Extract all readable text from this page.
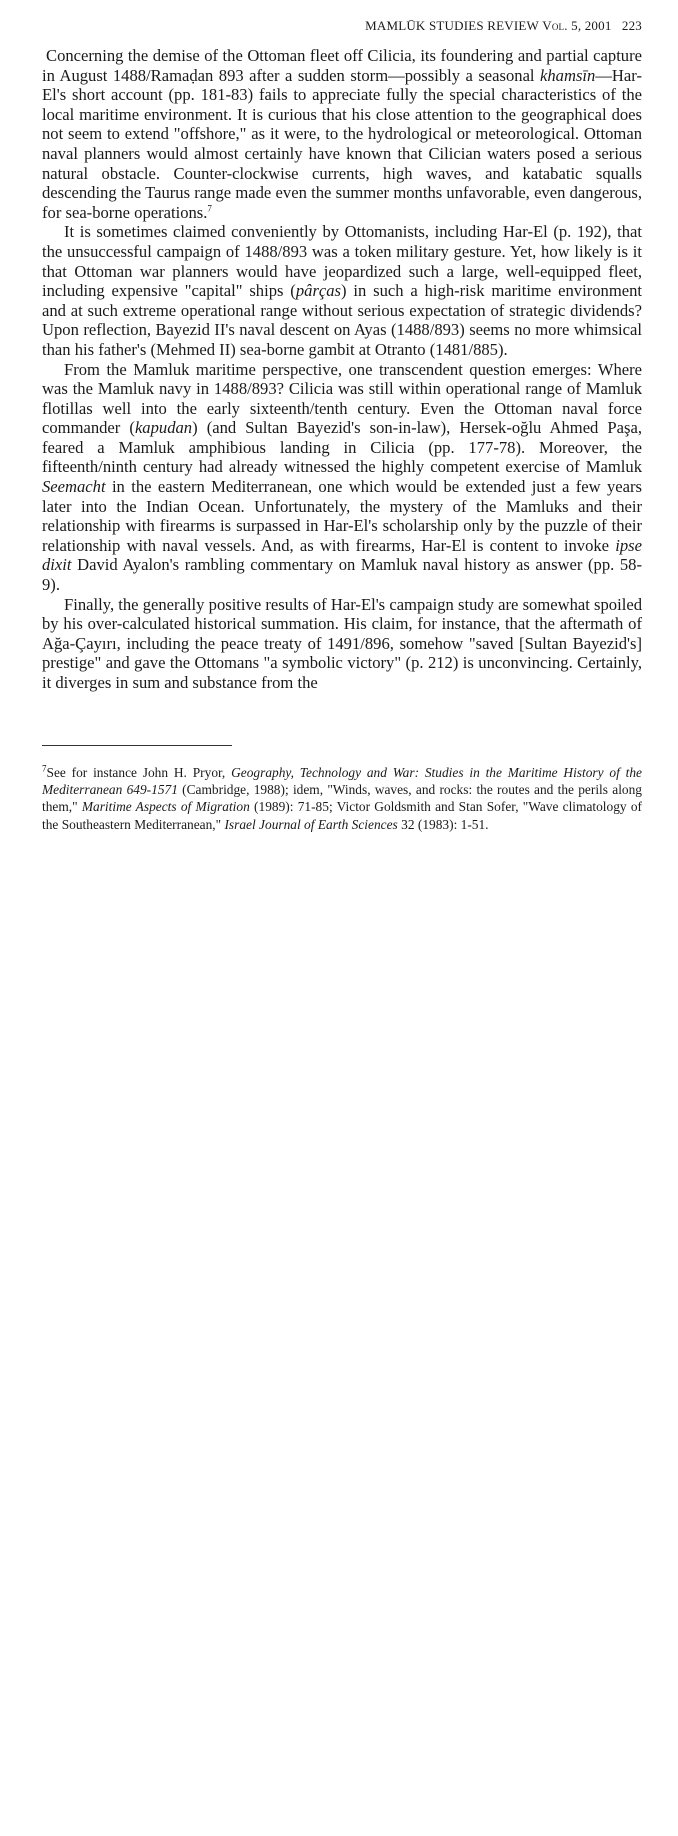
MAMLŪK STUDIES REVIEW Vol. 5, 2001 223

Concerning the demise of the Ottoman fleet off Cilicia, its foundering and partial capture in August 1488/Ramaḍan 893 after a sudden storm—possibly a seasonal khamsīn—Har-El's short account (pp. 181-83) fails to appreciate fully the special characteristics of the local maritime environment. It is curious that his close attention to the geographical does not seem to extend "offshore," as it were, to the hydrological or meteorological. Ottoman naval planners would almost certainly have known that Cilician waters posed a serious natural obstacle. Counter-clockwise currents, high waves, and katabatic squalls descending the Taurus range made even the summer months unfavorable, even dangerous, for sea-borne operations.$^7$

It is sometimes claimed conveniently by Ottomanists, including Har-El (p. 192), that the unsuccessful campaign of 1488/893 was a token military gesture. Yet, how likely is it that Ottoman war planners would have jeopardized such a large, well-equipped fleet, including expensive "capital" ships (pârças) in such a high-risk maritime environment and at such extreme operational range without serious expectation of strategic dividends? Upon reflection, Bayezid II's naval descent on Ayas (1488/893) seems no more whimsical than his father's (Mehmed II) sea-borne gambit at Otranto (1481/885).

From the Mamluk maritime perspective, one transcendent question emerges: Where was the Mamluk navy in 1488/893? Cilicia was still within operational range of Mamluk flotillas well into the early sixteenth/tenth century. Even the Ottoman naval force commander (kapudan) (and Sultan Bayezid's son-in-law), Hersek-oğlu Ahmed Paşa, feared a Mamluk amphibious landing in Cilicia (pp. 177-78). Moreover, the fifteenth/ninth century had already witnessed the highly competent exercise of Mamluk Seemacht in the eastern Mediterranean, one which would be extended just a few years later into the Indian Ocean. Unfortunately, the mystery of the Mamluks and their relationship with firearms is surpassed in Har-El's scholarship only by the puzzle of their relationship with naval vessels. And, as with firearms, Har-El is content to invoke ipse dixit David Ayalon's rambling commentary on Mamluk naval history as answer (pp. 58-9).

Finally, the generally positive results of Har-El's campaign study are somewhat spoiled by his over-calculated historical summation. His claim, for instance, that the aftermath of Ağa-Çayırı, including the peace treaty of 1491/896, somehow "saved [Sultan Bayezid's] prestige" and gave the Ottomans "a symbolic victory" (p. 212) is unconvincing. Certainly, it diverges in sum and substance from the

$^7$See for instance John H. Pryor, Geography, Technology and War: Studies in the Maritime History of the Mediterranean 649-1571 (Cambridge, 1988); idem, "Winds, waves, and rocks: the routes and the perils along them," Maritime Aspects of Migration (1989): 71-85; Victor Goldsmith and Stan Sofer, "Wave climatology of the Southeastern Mediterranean," Israel Journal of Earth Sciences 32 (1983): 1-51.
